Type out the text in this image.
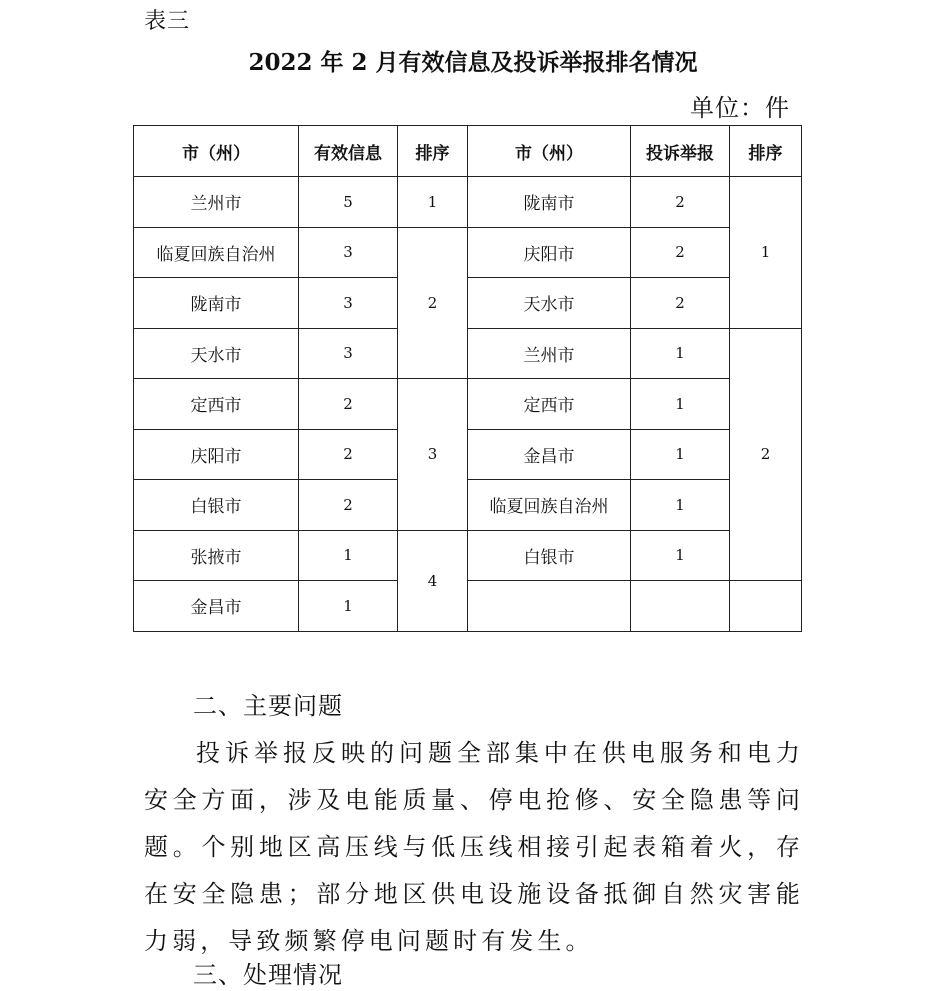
表三
2022 年 2 月有效信息及投诉举报排名情况
单位：件
市（州）	有效信息	排序	市（州）	投诉举报	排序
兰州市	5	1	陇南市	2	1
临夏回族自治州	3	2	庆阳市	2	
陇南市	3		天水市	2	
天水市	3		兰州市	1	2
定西市	2	3	定西市	1	
庆阳市	2		金昌市	1	
白银市	2		临夏回族自治州	1	
张掖市	1	4	白银市	1	
金昌市	1				
二、主要问题
投诉举报反映的问题全部集中在供电服务和电力安全方面，涉及电能质量、停电抢修、安全隐患等问题。个别地区高压线与低压线相接引起表箱着火，存在安全隐患；部分地区供电设施设备抵御自然灾害能力弱，导致频繁停电问题时有发生。
三、处理情况
